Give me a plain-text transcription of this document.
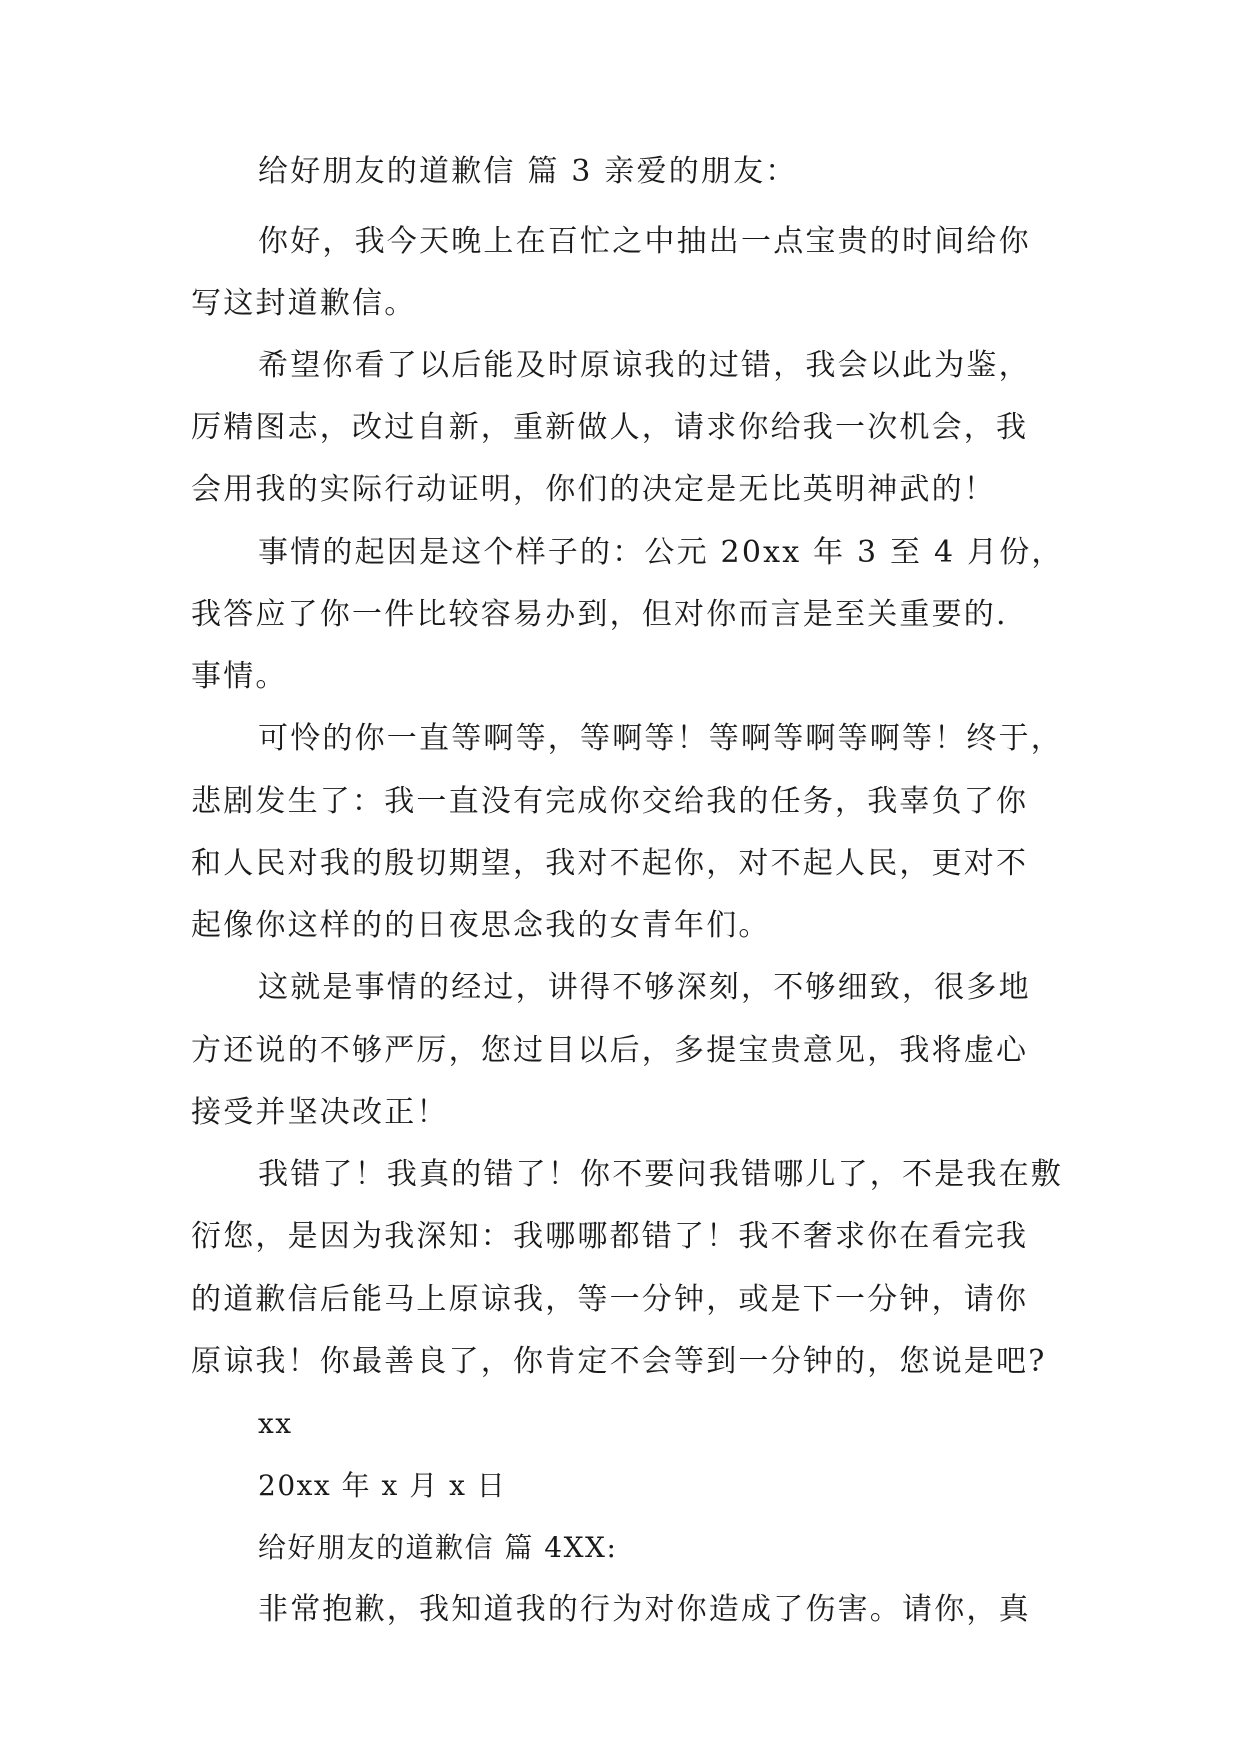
给好朋友的道歉信 篇 3 亲爱的朋友：
你好，我今天晚上在百忙之中抽出一点宝贵的时间给你
写这封道歉信。
希望你看了以后能及时原谅我的过错，我会以此为鉴，
厉精图志，改过自新，重新做人，请求你给我一次机会，我
会用我的实际行动证明，你们的决定是无比英明神武的！
事情的起因是这个样子的：公元 20xx 年 3 至 4 月份，
我答应了你一件比较容易办到，但对你而言是至关重要的.
事情。
可怜的你一直等啊等，等啊等！等啊等啊等啊等！终于，
悲剧发生了：我一直没有完成你交给我的任务，我辜负了你
和人民对我的殷切期望，我对不起你，对不起人民，更对不
起像你这样的的日夜思念我的女青年们。
这就是事情的经过，讲得不够深刻，不够细致，很多地
方还说的不够严厉，您过目以后，多提宝贵意见，我将虚心
接受并坚决改正！
我错了！我真的错了！你不要问我错哪儿了，不是我在敷
衍您，是因为我深知：我哪哪都错了！我不奢求你在看完我
的道歉信后能马上原谅我，等一分钟，或是下一分钟，请你
原谅我！你最善良了，你肯定不会等到一分钟的，您说是吧?
xx
20xx 年 x 月 x 日
给好朋友的道歉信 篇 4XX:
非常抱歉，我知道我的行为对你造成了伤害。请你，真
